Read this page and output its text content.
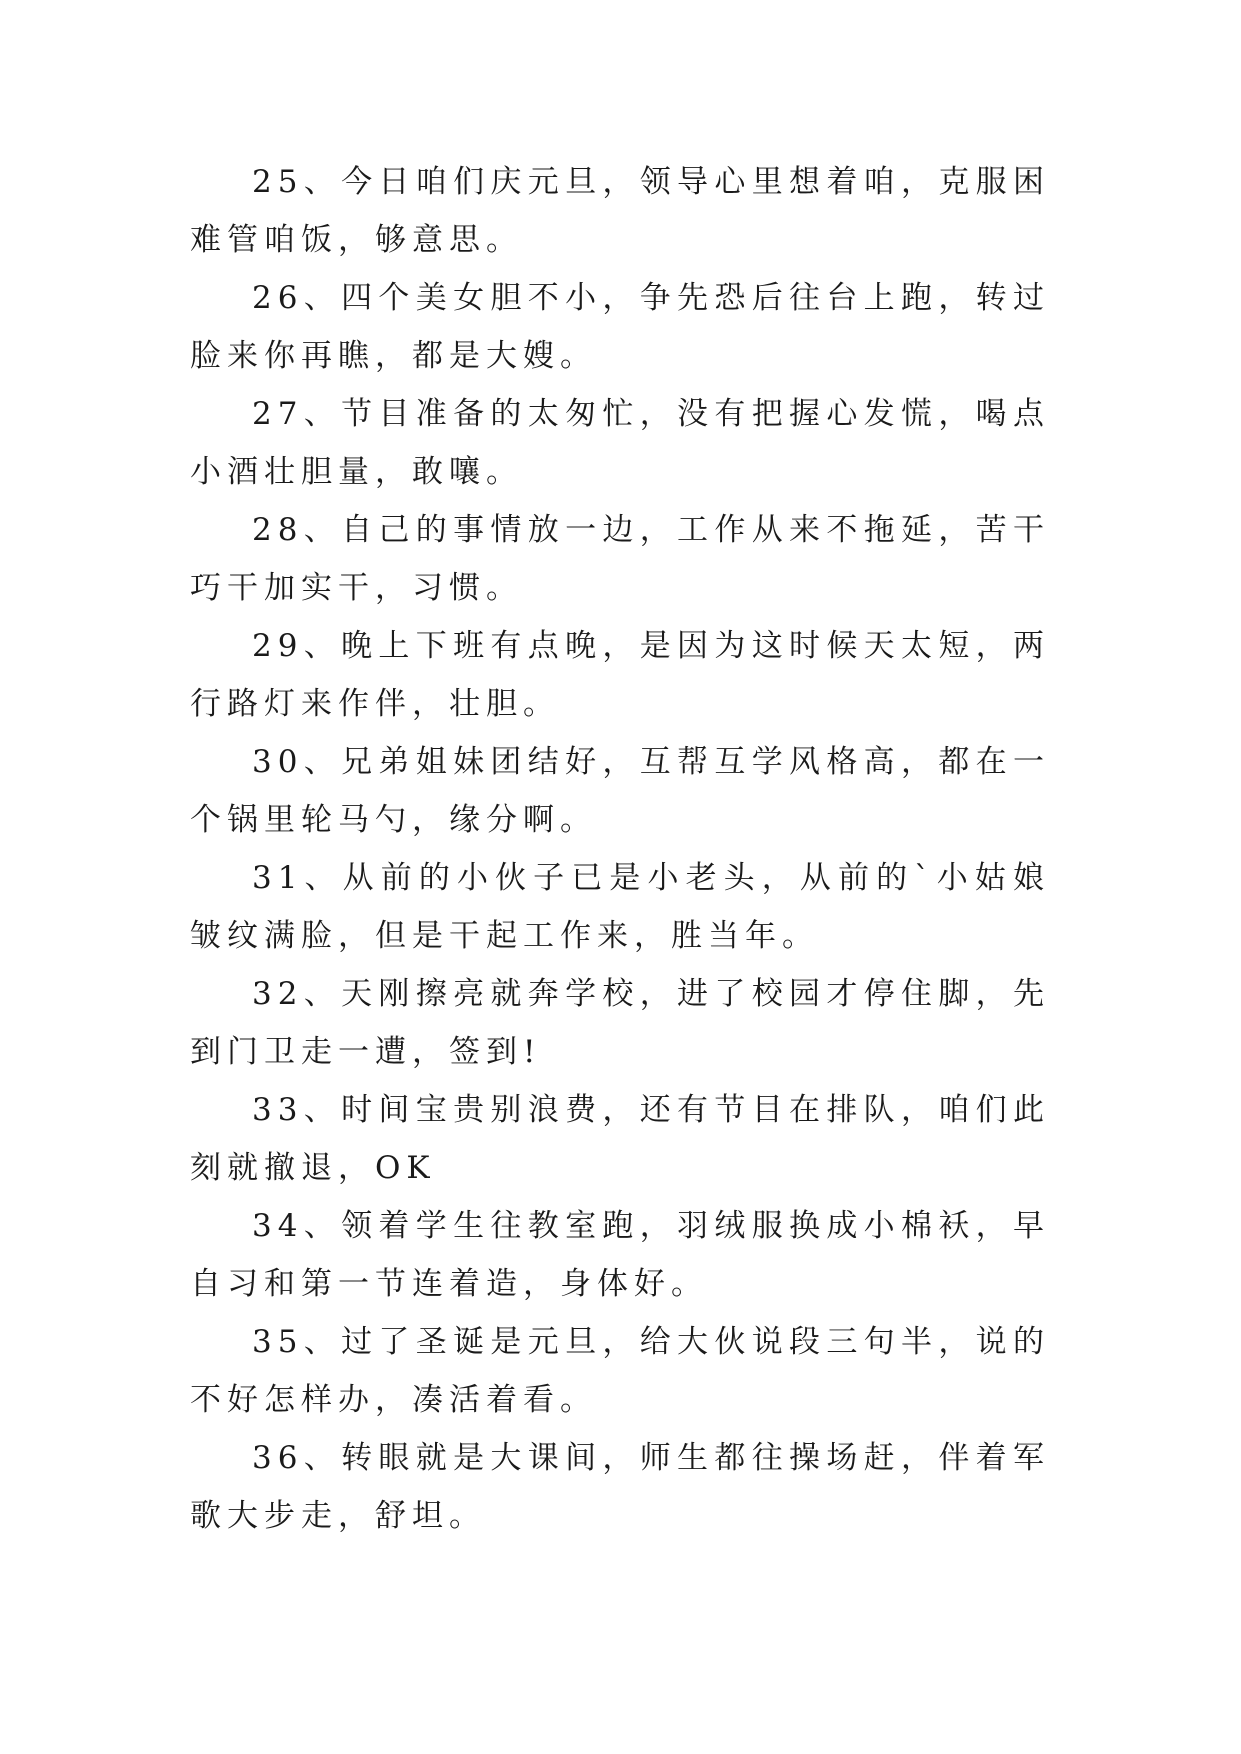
25、今日咱们庆元旦，领导心里想着咱，克服困难管咱饭，够意思。

26、四个美女胆不小，争先恐后往台上跑，转过脸来你再瞧，都是大嫂。

27、节目准备的太匆忙，没有把握心发慌，喝点小酒壮胆量，敢嚷。

28、自己的事情放一边，工作从来不拖延，苦干巧干加实干，习惯。

29、晚上下班有点晚，是因为这时候天太短，两行路灯来作伴，壮胆。

30、兄弟姐妹团结好，互帮互学风格高，都在一个锅里轮马勺，缘分啊。

31、从前的小伙子已是小老头，从前的`小姑娘皱纹满脸，但是干起工作来，胜当年。

32、天刚擦亮就奔学校，进了校园才停住脚，先到门卫走一遭，签到!

33、时间宝贵别浪费，还有节目在排队，咱们此刻就撤退，OK

34、领着学生往教室跑，羽绒服换成小棉袄，早自习和第一节连着造，身体好。

35、过了圣诞是元旦，给大伙说段三句半，说的不好怎样办，凑活着看。

36、转眼就是大课间，师生都往操场赶，伴着军歌大步走，舒坦。
